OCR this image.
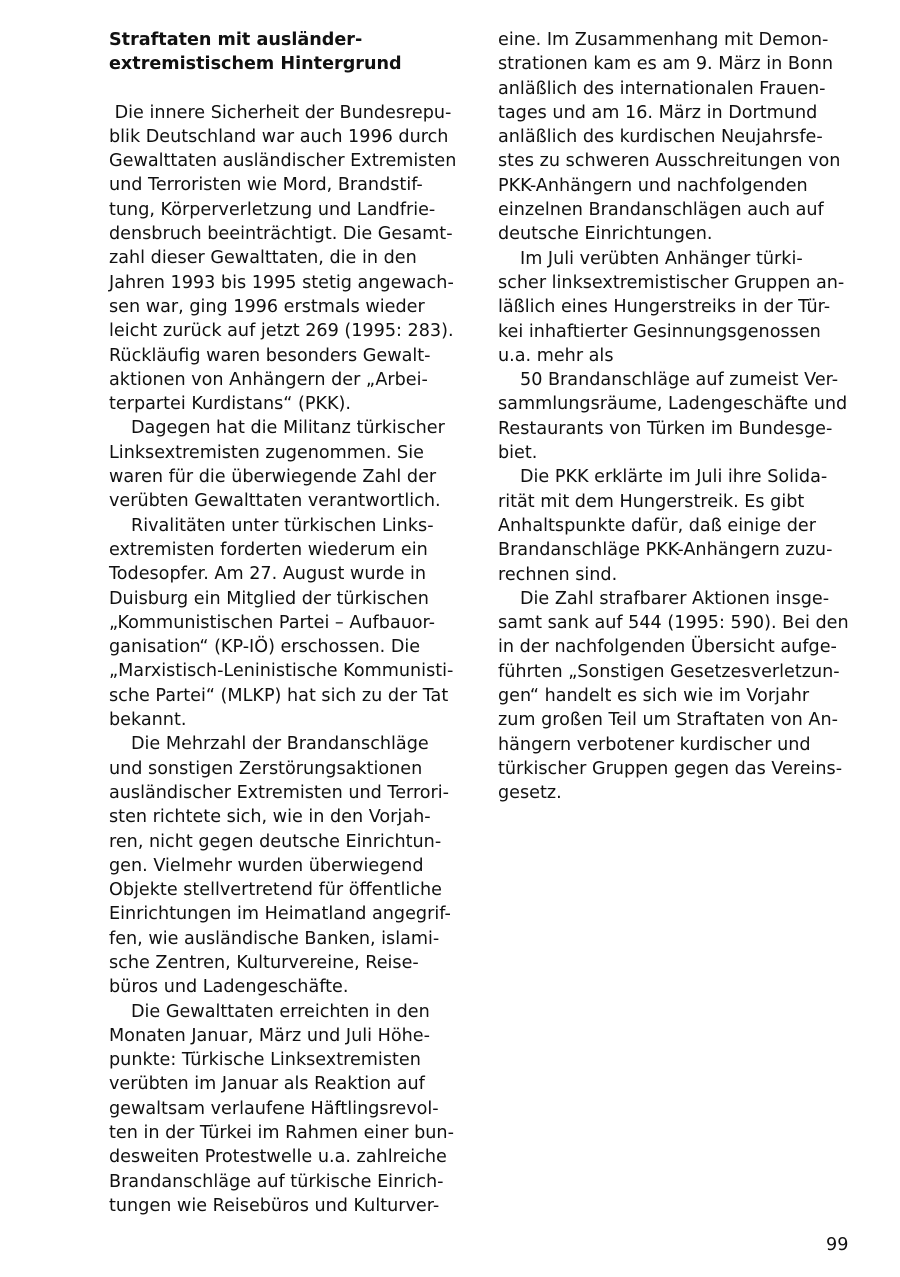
Straftaten mit ausländer-
extremistischem Hintergrund
Die innere Sicherheit der Bundesrepu-
blik Deutschland war auch 1996 durch
Gewalttaten ausländischer Extremisten
und Terroristen wie Mord, Brandstif-
tung, Körperverletzung und Landfrie-
densbruch beeinträchtigt. Die Gesamt-
zahl dieser Gewalttaten, die in den
Jahren 1993 bis 1995 stetig angewach-
sen war, ging 1996 erstmals wieder
leicht zurück auf jetzt 269 (1995: 283).
Rückläufig waren besonders Gewalt-
aktionen von Anhängern der „Arbei-
terpartei Kurdistans“ (PKK).
Dagegen hat die Militanz türkischer
Linksextremisten zugenommen. Sie
waren für die überwiegende Zahl der
verübten Gewalttaten verantwortlich.
Rivalitäten unter türkischen Links-
extremisten forderten wiederum ein
Todesopfer. Am 27. August wurde in
Duisburg ein Mitglied der türkischen
„Kommunistischen Partei – Aufbauor-
ganisation“ (KP-IÖ) erschossen. Die
„Marxistisch-Leninistische Kommunisti-
sche Partei“ (MLKP) hat sich zu der Tat
bekannt.
Die Mehrzahl der Brandanschläge
und sonstigen Zerstörungsaktionen
ausländischer Extremisten und Terrori-
sten richtete sich, wie in den Vorjah-
ren, nicht gegen deutsche Einrichtun-
gen. Vielmehr wurden überwiegend
Objekte stellvertretend für öffentliche
Einrichtungen im Heimatland angegrif-
fen, wie ausländische Banken, islami-
sche Zentren, Kulturvereine, Reise-
büros und Ladengeschäfte.
Die Gewalttaten erreichten in den
Monaten Januar, März und Juli Höhe-
punkte: Türkische Linksextremisten
verübten im Januar als Reaktion auf
gewaltsam verlaufene Häftlingsrevol-
ten in der Türkei im Rahmen einer bun-
desweiten Protestwelle u.a. zahlreiche
Brandanschläge auf türkische Einrich-
tungen wie Reisebüros und Kulturver-
eine. Im Zusammenhang mit Demon-
strationen kam es am 9. März in Bonn
anläßlich des internationalen Frauen-
tages und am 16. März in Dortmund
anläßlich des kurdischen Neujahrsfe-
stes zu schweren Ausschreitungen von
PKK-Anhängern und nachfolgenden
einzelnen Brandanschlägen auch auf
deutsche Einrichtungen.
Im Juli verübten Anhänger türki-
scher linksextremistischer Gruppen an-
läßlich eines Hungerstreiks in der Tür-
kei inhaftierter Gesinnungsgenossen
u.a. mehr als
50 Brandanschläge auf zumeist Ver-
sammlungsräume, Ladengeschäfte und
Restaurants von Türken im Bundesge-
biet.
Die PKK erklärte im Juli ihre Solida-
rität mit dem Hungerstreik. Es gibt
Anhaltspunkte dafür, daß einige der
Brandanschläge PKK-Anhängern zuzu-
rechnen sind.
Die Zahl strafbarer Aktionen insge-
samt sank auf 544 (1995: 590). Bei den
in der nachfolgenden Übersicht aufge-
führten „Sonstigen Gesetzesverletzun-
gen“ handelt es sich wie im Vorjahr
zum großen Teil um Straftaten von An-
hängern verbotener kurdischer und
türkischer Gruppen gegen das Vereins-
gesetz.
99
